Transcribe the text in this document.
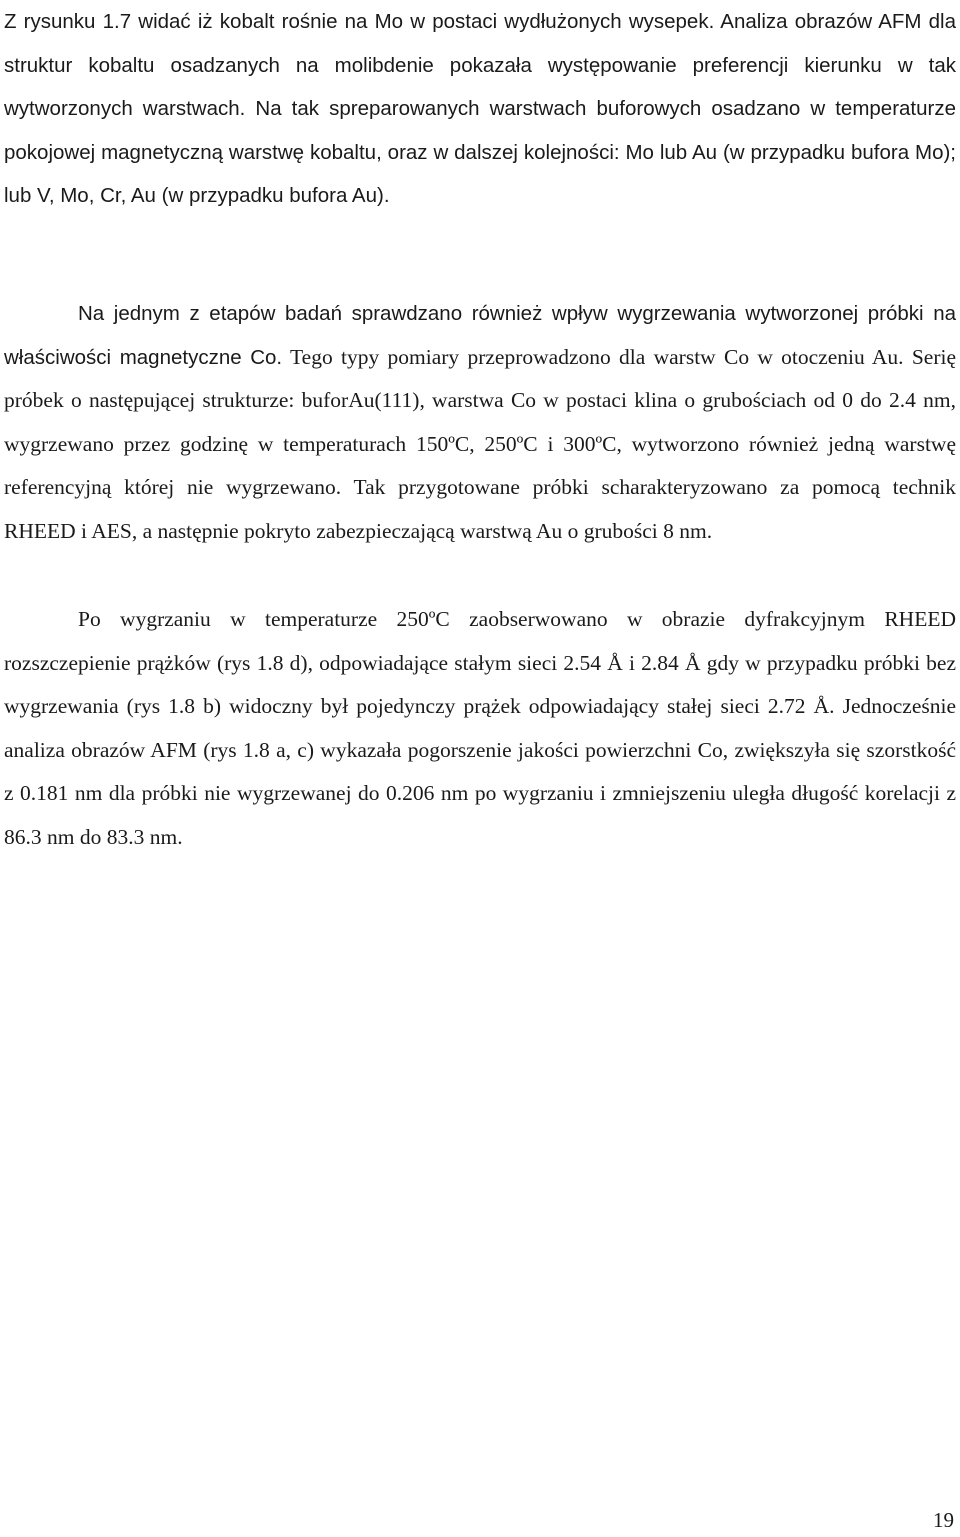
Z rysunku 1.7 widać iż kobalt rośnie na Mo w postaci wydłużonych wysepek. Analiza obrazów AFM dla struktur kobaltu osadzanych na molibdenie pokazała występowanie preferencji kierunku w tak wytworzonych warstwach. Na tak spreparowanych warstwach buforowych osadzano w temperaturze pokojowej magnetyczną warstwę kobaltu, oraz w dalszej kolejności: Mo lub Au (w przypadku bufora Mo); lub V, Mo, Cr, Au (w przypadku bufora Au).

Na jednym z etapów badań sprawdzano również wpływ wygrzewania wytworzonej próbki na właściwości magnetyczne Co. Tego typy pomiary przeprowadzono dla warstw Co w otoczeniu Au. Serię próbek o następującej strukturze: buforAu(111), warstwa Co w postaci klina o grubościach od 0 do 2.4 nm, wygrzewano przez godzinę w temperaturach 150ºC, 250ºC i 300ºC, wytworzono również jedną warstwę referencyjną której nie wygrzewano. Tak przygotowane próbki scharakteryzowano za pomocą technik RHEED i AES, a następnie pokryto zabezpieczającą warstwą Au o grubości 8 nm.

Po wygrzaniu w temperaturze 250ºC zaobserwowano w obrazie dyfrakcyjnym RHEED rozszczepienie prążków (rys 1.8 d), odpowiadające stałym sieci 2.54 Å i 2.84 Å gdy w przypadku próbki bez wygrzewania (rys 1.8 b) widoczny był pojedynczy prążek odpowiadający stałej sieci 2.72 Å. Jednocześnie analiza obrazów AFM (rys 1.8 a, c) wykazała pogorszenie jakości powierzchni Co, zwiększyła się szorstkość z 0.181 nm dla próbki nie wygrzewanej do 0.206 nm po wygrzaniu i zmniejszeniu uległa długość korelacji z 86.3 nm do 83.3 nm.

19
